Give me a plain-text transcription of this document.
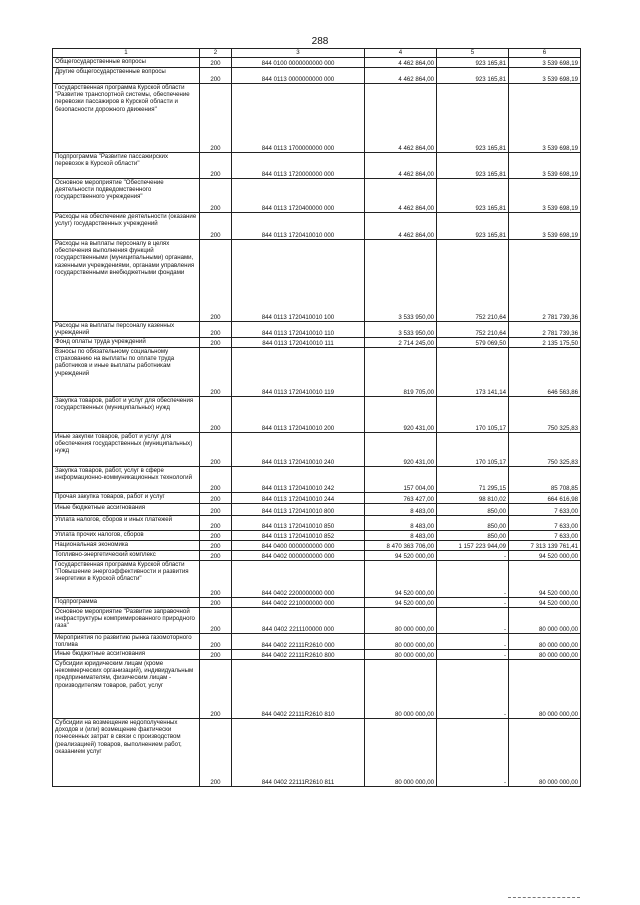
288
1	2	3	4	5	6
Общегосударственные вопросы	200	844 0100 0000000000 000	4 462 864,00	923 165,81	3 539 698,19
Другие общегосударственные вопросы	200	844 0113 0000000000 000	4 462 864,00	923 165,81	3 539 698,19
Государственная программа Курской области "Развитие транспортной системы, обеспечение перевозки пассажиров в Курской области и безопасности дорожного движения"	200	844 0113 1700000000 000	4 462 864,00	923 165,81	3 539 698,19
Подпрограмма "Развитие пассажирских перевозок в Курской области"	200	844 0113 1720000000 000	4 462 864,00	923 165,81	3 539 698,19
Основное мероприятие "Обеспечение деятельности подведомственного государственного учреждения"	200	844 0113 1720400000 000	4 462 864,00	923 165,81	3 539 698,19
Расходы на обеспечение деятельности (оказание услуг) государственных учреждений	200	844 0113 1720410010 000	4 462 864,00	923 165,81	3 539 698,19
Расходы на выплаты персоналу в целях обеспечения выполнения функций государственными (муниципальными) органами, казенными учреждениями, органами управления государственными внебюджетными фондами	200	844 0113 1720410010 100	3 533 950,00	752 210,64	2 781 739,36
Расходы на выплаты персоналу казенных учреждений	200	844 0113 1720410010 110	3 533 950,00	752 210,64	2 781 739,36
Фонд оплаты труда учреждений	200	844 0113 1720410010 111	2 714 245,00	579 069,50	2 135 175,50
Взносы по обязательному социальному страхованию на выплаты по оплате труда работников и иные выплаты работникам учреждений	200	844 0113 1720410010 119	819 705,00	173 141,14	646 563,86
Закупка товаров, работ и услуг для обеспечения государственных (муниципальных) нужд	200	844 0113 1720410010 200	920 431,00	170 105,17	750 325,83
Иные закупки товаров, работ и услуг для обеспечения государственных (муниципальных) нужд	200	844 0113 1720410010 240	920 431,00	170 105,17	750 325,83
Закупка товаров, работ, услуг в сфере информационно-коммуникационных технологий	200	844 0113 1720410010 242	157 004,00	71 295,15	85 708,85
Прочая закупка товаров, работ и услуг	200	844 0113 1720410010 244	763 427,00	98 810,02	664 616,98
Иные бюджетные ассигнования	200	844 0113 1720410010 800	8 483,00	850,00	7 633,00
Уплата налогов, сборов и иных платежей	200	844 0113 1720410010 850	8 483,00	850,00	7 633,00
Уплата прочих налогов, сборов	200	844 0113 1720410010 852	8 483,00	850,00	7 633,00
Национальная экономика	200	844 0400 0000000000 000	8 470 363 706,00	1 157 223 944,09	7 313 139 761,41
Топливно-энергетический комплекс	200	844 0402 0000000000 000	94 520 000,00	-	94 520 000,00
Государственная программа Курской области "Повышение энергоэффективности и развития энергетики в Курской области"	200	844 0402 2200000000 000	94 520 000,00	-	94 520 000,00
Подпрограмма	200	844 0402 2210000000 000	94 520 000,00	-	94 520 000,00
Основное мероприятие "Развитие заправочной инфраструктуры компримированного природного газа"	200	844 0402 2211100000 000	80 000 000,00	-	80 000 000,00
Мероприятия по развитию рынка газомоторного топлива	200	844 0402 22111R2610 000	80 000 000,00	-	80 000 000,00
Иные бюджетные ассигнования	200	844 0402 22111R2610 800	80 000 000,00	-	80 000 000,00
Субсидии юридическим лицам (кроме некоммерческих организаций), индивидуальным предпринимателям, физическим лицам - производителям товаров, работ, услуг	200	844 0402 22111R2610 810	80 000 000,00	-	80 000 000,00
Субсидии на возмещение недополученных доходов и (или) возмещение фактически понесенных затрат в связи с производством (реализацией) товаров, выполнением работ, оказанием услуг	200	844 0402 22111R2610 811	80 000 000,00	-	80 000 000,00
